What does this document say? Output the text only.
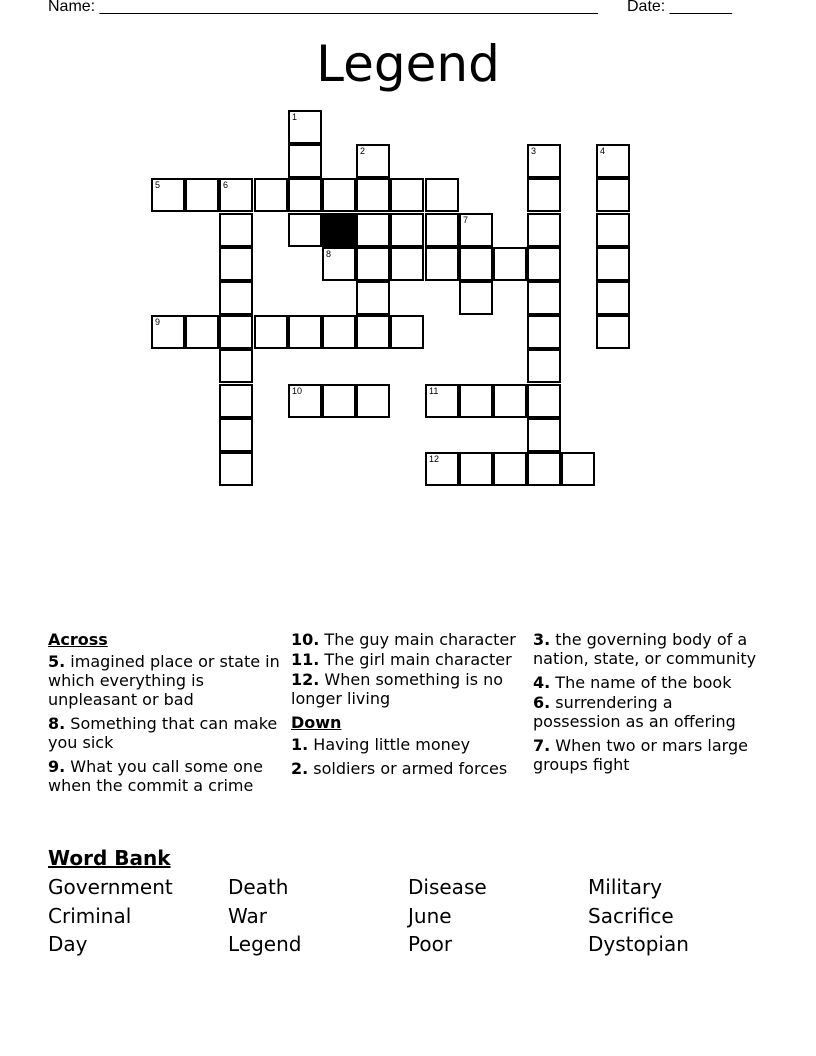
Name: ________________________________________________________ Date: _______
Legend
1
2	3	4
5	6
7
8
9
10	11
12
Across
5. imagined place or state in which everything is unpleasant or bad
8. Something that can make you sick
9. What you call some one when the commit a crime
10. The guy main character
11. The girl main character
12. When something is no longer living
Down
1. Having little money
2. soldiers or armed forces
3. the governing body of a nation, state, or community
4. The name of the book
6. surrendering a possession as an offering
7. When two or mars large groups fight
Word Bank
Government	Death	Disease	Military
Criminal	War	June	Sacrifice
Day	Legend	Poor	Dystopian
